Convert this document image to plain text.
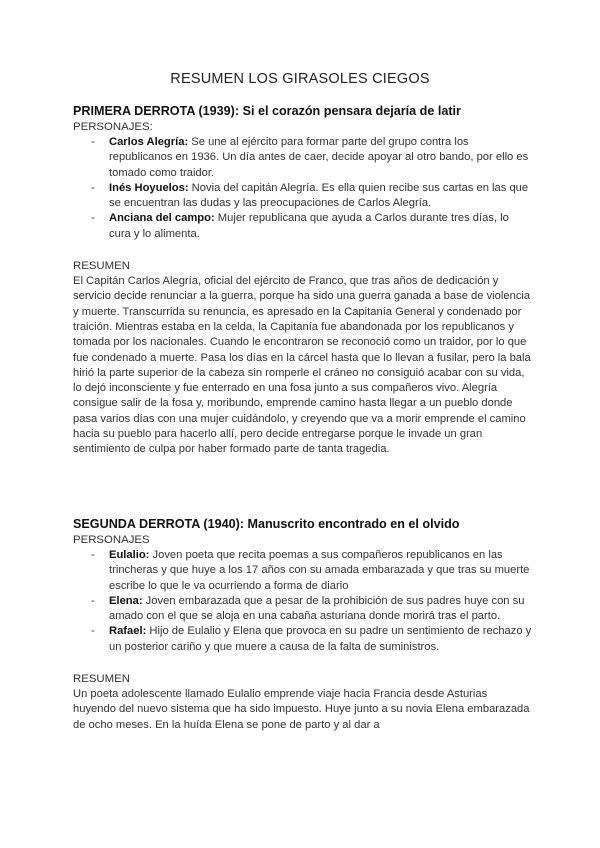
RESUMEN LOS GIRASOLES CIEGOS

PRIMERA DERROTA (1939): Si el corazón pensara dejaría de latir

PERSONAJES:

- Carlos Alegría: Se une al ejército para formar parte del grupo contra los republicanos en 1936. Un día antes de caer, decide apoyar al otro bando, por ello es tomado como traidor.
- Inés Hoyuelos: Novia del capitán Alegría. Es ella quien recibe sus cartas en las que se encuentran las dudas y las preocupaciones de Carlos Alegría.
- Anciana del campo: Mujer republicana que ayuda a Carlos durante tres días, lo cura y lo alimenta.

RESUMEN

El Capitán Carlos Alegría, oficial del ejército de Franco, que tras años de dedicación y servicio decide renunciar a la guerra, porque ha sido una guerra ganada a base de violencia y muerte. Transcurrida su renuncia, es apresado en la Capitanía General y condenado por traición. Mientras estaba en la celda, la Capitanía fue abandonada por los republicanos y tomada por los nacionales. Cuando le encontraron se reconoció como un traidor, por lo que fue condenado a muerte. Pasa los días en la cárcel hasta que lo llevan a fusilar, pero la bala hirió la parte superior de la cabeza sin romperle el cráneo no consiguió acabar con su vida, lo dejó inconsciente y fue enterrado en una fosa junto a sus compañeros vivo. Alegría consigue salir de la fosa y, moribundo, emprende camino hasta llegar a un pueblo donde pasa varios días con una mujer cuidándolo, y creyendo que va a morir emprende el camino hacia su pueblo para hacerlo allí, pero decide entregarse porque le invade un gran sentimiento de culpa por haber formado parte de tanta tragedia.

SEGUNDA DERROTA (1940): Manuscrito encontrado en el olvido

PERSONAJES

- Eulalio: Joven poeta que recita poemas a sus compañeros republicanos en las trincheras y que huye a los 17 años con su amada embarazada y que tras su muerte escribe lo que le va ocurriendo a forma de diario
- Elena: Joven embarazada que a pesar de la prohibición de sus padres huye con su amado con el que se aloja en una cabaña asturiana donde morirá tras el parto.
- Rafael: Hijo de Eulalio y Elena que provoca en su padre un sentimiento de rechazo y un posterior cariño y que muere a causa de la falta de suministros.

RESUMEN

Un poeta adolescente llamado Eulalio emprende viaje hacia Francia desde Asturias huyendo del nuevo sistema que ha sido impuesto. Huye junto a su novia Elena embarazada de ocho meses. En la huída Elena se pone de parto y al dar a
